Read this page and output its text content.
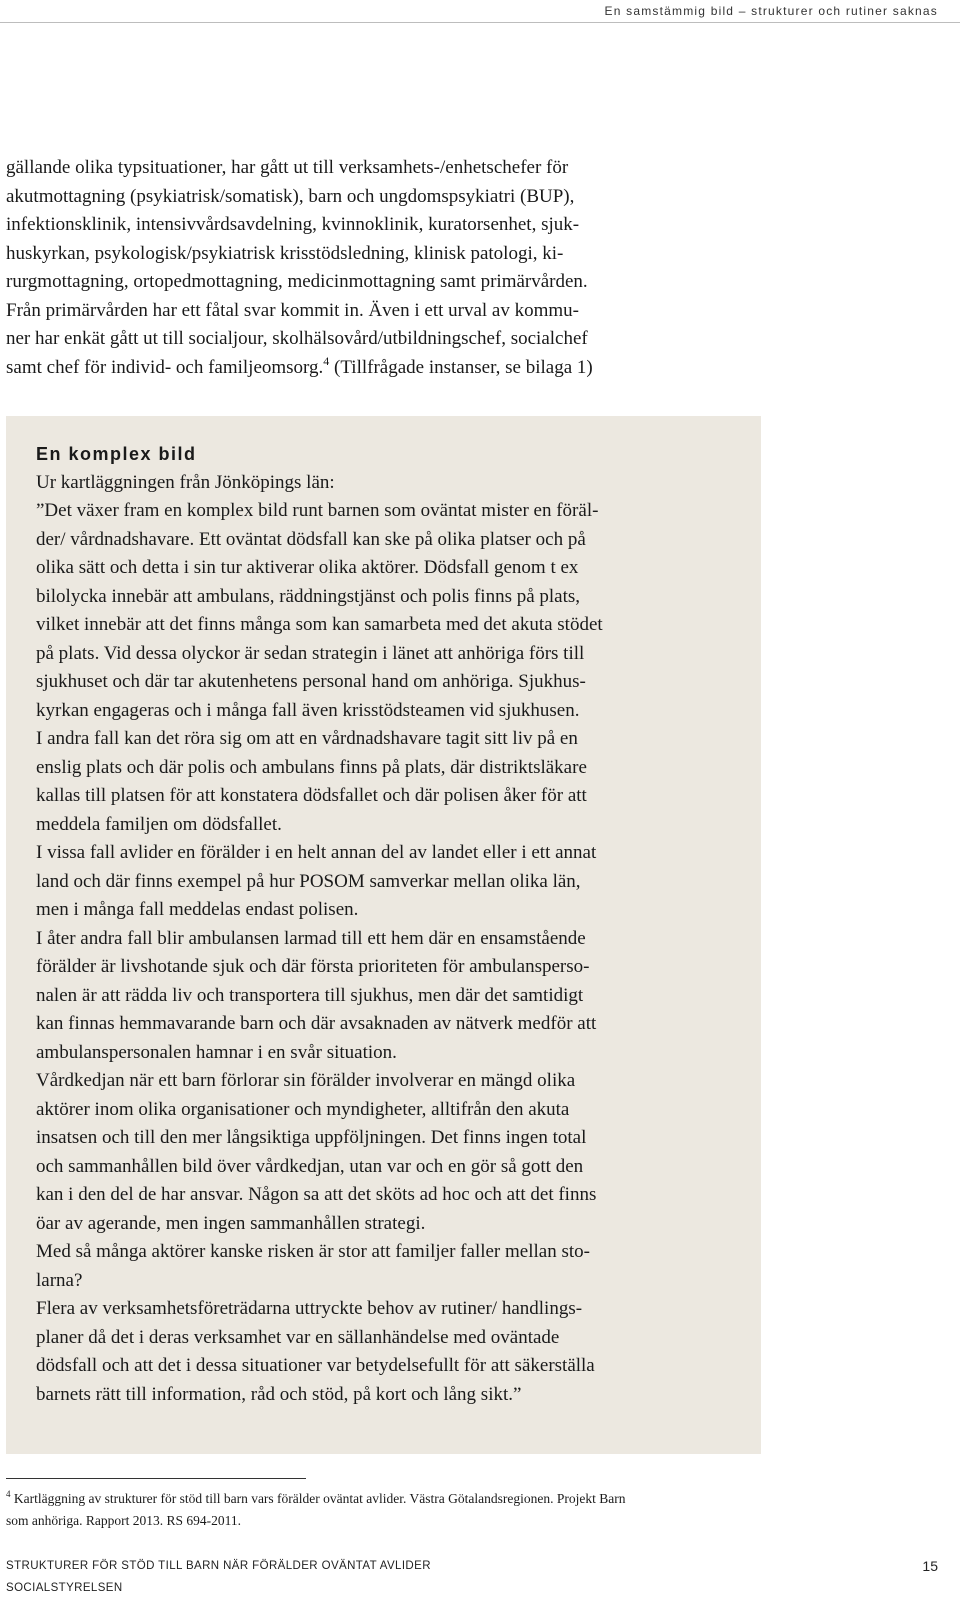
En samstämmig bild – strukturer och rutiner saknas
gällande olika typsituationer, har gått ut till verksamhets-/enhetschefer för
akutmottagning (psykiatrisk/somatisk), barn och ungdomspsykiatri (BUP),
infektionsklinik, intensivvårdsavdelning, kvinnoklinik, kuratorsenhet, sjuk-
huskyrkan, psykologisk/psykiatrisk krisstödsledning, klinisk patologi, ki-
rurgmottagning, ortopedmottagning, medicinmottagning samt primärvården.
Från primärvården har ett fåtal svar kommit in. Även i ett urval av kommu-
ner har enkät gått ut till socialjour, skolhälsovård/utbildningschef, socialchef
samt chef för individ- och familjeomsorg.$^4$ (Tillfrågade instanser, se bilaga 1)
En komplex bild
Ur kartläggningen från Jönköpings län:
”Det växer fram en komplex bild runt barnen som oväntat mister en föräl-
der/ vårdnadshavare. Ett oväntat dödsfall kan ske på olika platser och på
olika sätt och detta i sin tur aktiverar olika aktörer. Dödsfall genom t ex
bilolycka innebär att ambulans, räddningstjänst och polis finns på plats,
vilket innebär att det finns många som kan samarbeta med det akuta stödet
på plats. Vid dessa olyckor är sedan strategin i länet att anhöriga förs till
sjukhuset och där tar akutenhetens personal hand om anhöriga. Sjukhus-
kyrkan engageras och i många fall även krisstödsteamen vid sjukhusen.
I andra fall kan det röra sig om att en vårdnadshavare tagit sitt liv på en
enslig plats och där polis och ambulans finns på plats, där distriktsläkare
kallas till platsen för att konstatera dödsfallet och där polisen åker för att
meddela familjen om dödsfallet.
I vissa fall avlider en förälder i en helt annan del av landet eller i ett annat
land och där finns exempel på hur POSOM samverkar mellan olika län,
men i många fall meddelas endast polisen.
I åter andra fall blir ambulansen larmad till ett hem där en ensamstående
förälder är livshotande sjuk och där första prioriteten för ambulansperso-
nalen är att rädda liv och transportera till sjukhus, men där det samtidigt
kan finnas hemmavarande barn och där avsaknaden av nätverk medför att
ambulanspersonalen hamnar i en svår situation.
Vårdkedjan när ett barn förlorar sin förälder involverar en mängd olika
aktörer inom olika organisationer och myndigheter, alltifrån den akuta
insatsen och till den mer långsiktiga uppföljningen. Det finns ingen total
och sammanhållen bild över vårdkedjan, utan var och en gör så gott den
kan i den del de har ansvar. Någon sa att det sköts ad hoc och att det finns
öar av agerande, men ingen sammanhållen strategi.
Med så många aktörer kanske risken är stor att familjer faller mellan sto-
larna?
Flera av verksamhetsföreträdarna uttryckte behov av rutiner/ handlings-
planer då det i deras verksamhet var en sällanhändelse med oväntade
dödsfall och att det i dessa situationer var betydelsefullt för att säkerställa
barnets rätt till information, råd och stöd, på kort och lång sikt.”
$^4$ Kartläggning av strukturer för stöd till barn vars förälder oväntat avlider. Västra Götalandsregionen. Projekt Barn
som anhöriga. Rapport 2013. RS 694-2011.
STRUKTURER FÖR STÖD TILL BARN NÄR FÖRÄLDER OVÄNTAT AVLIDER
SOCIALSTYRELSEN
15
